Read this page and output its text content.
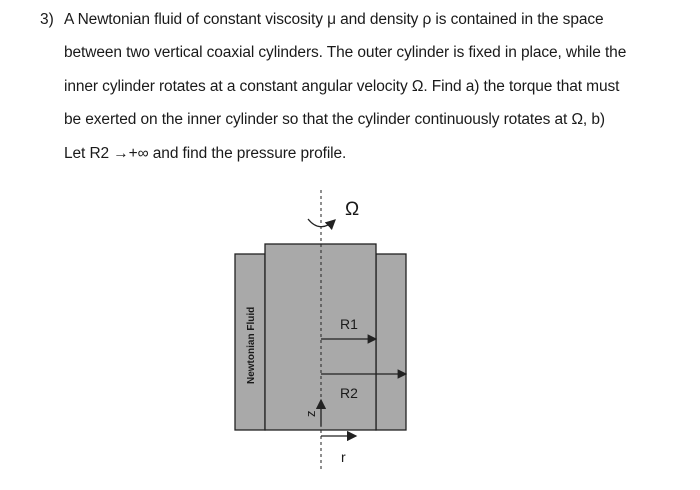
3) A Newtonian fluid of constant viscosity μ and density ρ is contained in the space
between two vertical coaxial cylinders. The outer cylinder is fixed in place, while the
inner cylinder rotates at a constant angular velocity Ω. Find a) the torque that must
be exerted on the inner cylinder so that the cylinder continuously rotates at Ω, b)
Let R2 →+∞ and find the pressure profile.
Ω
R1
R2
z
r
Newtonian Fluid
